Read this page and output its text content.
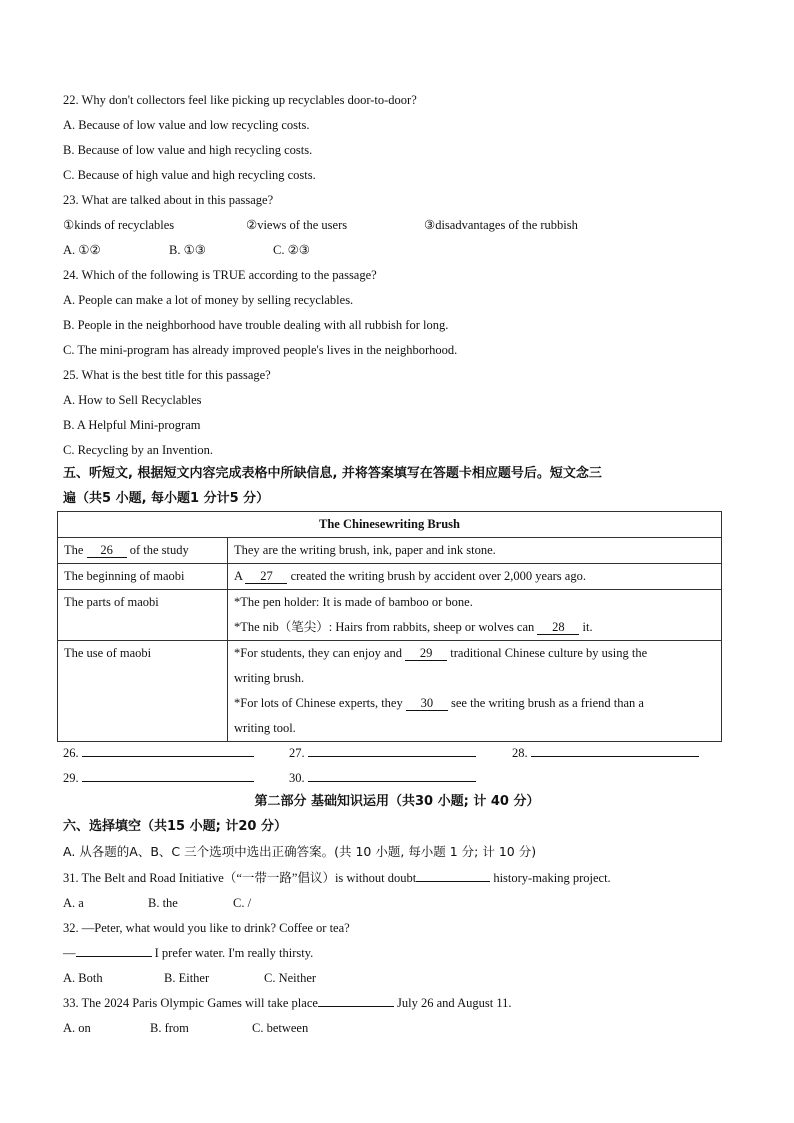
22. Why don't collectors feel like picking up recyclables door-to-door?
A. Because of low value and low recycling costs.
B. Because of low value and high recycling costs.
C. Because of high value and high recycling costs.
23. What are talked about in this passage?
①kinds of recyclables	②views of the users	③disadvantages of the rubbish
A. ①②	B. ①③	C. ②③
24. Which of the following is TRUE according to the passage?
A. People can make a lot of money by selling recyclables.
B. People in the neighborhood have trouble dealing with all rubbish for long.
C. The mini-program has already improved people's lives in the neighborhood.
25. What is the best title for this passage?
A. How to Sell Recyclables
B. A Helpful Mini-program
C. Recycling by an Invention.
五、听短文, 根据短文内容完成表格中所缺信息, 并将答案填写在答题卡相应题号后。短文念三
遍（共5 小题, 每小题1 分计5 分）
The Chinesewriting Brush	
The 26 of the study	They are the writing brush, ink, paper and ink stone.
The beginning of maobi	A 27 created the writing brush by accident over 2,000 years ago.
The parts of maobi	*The pen holder: It is made of bamboo or bone.
*The nib（笔尖）: Hairs from rabbits, sheep or wolves can 28 it.

The use of maobi	*For students, they can enjoy and 29 traditional Chinese culture by using the
writing brush.
*For lots of Chinese experts, they 30 see the writing brush as a friend than a
writing tool.
26.	27.	28.
29.	30.
第二部分 基础知识运用（共30 小题; 计 40 分）
六、选择填空（共15 小题; 计20 分）
A. 从各题的A、B、C 三个选项中选出正确答案。(共 10 小题, 每小题 1 分; 计 10 分)
31. The Belt and Road Initiative（“一带一路”倡议）is without doubt	history-making project.
A. a	B. the	C. /
32. —Peter, what would you like to drink? Coffee or tea?
—	I prefer water. I'm really thirsty.
A. Both	B. Either	C. Neither
33. The 2024 Paris Olympic Games will take place	July 26 and August 11.
A. on	B. from	C. between
